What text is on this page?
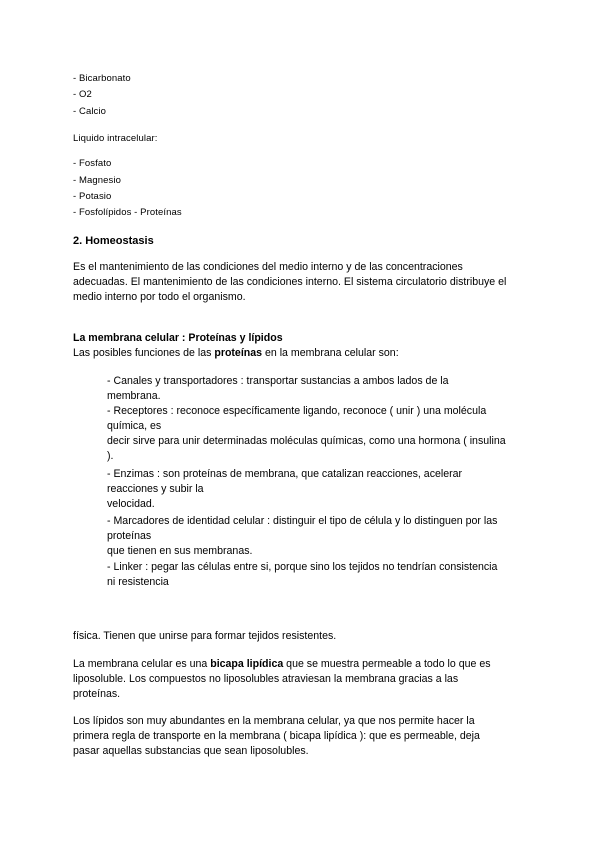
- Bicarbonato
- O2
- Calcio
Liquido intracelular:
- Fosfato
- Magnesio
- Potasio
- Fosfolípidos - Proteínas
2. Homeostasis
Es el mantenimiento de las condiciones del medio interno y de las concentraciones
adecuadas. El mantenimiento de las condiciones interno. El sistema circulatorio distribuye el
medio interno por todo el organismo.
La membrana celular : Proteínas y lípidos
Las posibles funciones de las proteínas en la membrana celular son:
- Canales y transportadores : transportar sustancias a ambos lados de la
membrana.
- Receptores : reconoce específicamente ligando, reconoce ( unir ) una molécula
química, es
decir sirve para unir determinadas moléculas químicas, como una hormona ( insulina
).
- Enzimas : son proteínas de membrana, que catalizan reacciones, acelerar
reacciones y subir la
velocidad.
- Marcadores de identidad celular : distinguir el tipo de célula y lo distinguen por las
proteínas
que tienen en sus membranas.
- Linker : pegar las células entre si, porque sino los tejidos no tendrían consistencia
ni resistencia
física. Tienen que unirse para formar tejidos resistentes.
La membrana celular es una bicapa lipídica que se muestra permeable a todo lo que es
liposoluble. Los compuestos no liposolubles atraviesan la membrana gracias a las
proteínas.
Los lípidos son muy abundantes en la membrana celular, ya que nos permite hacer la
primera regla de transporte en la membrana ( bicapa lipídica ): que es permeable, deja
pasar aquellas substancias que sean liposolubles.
